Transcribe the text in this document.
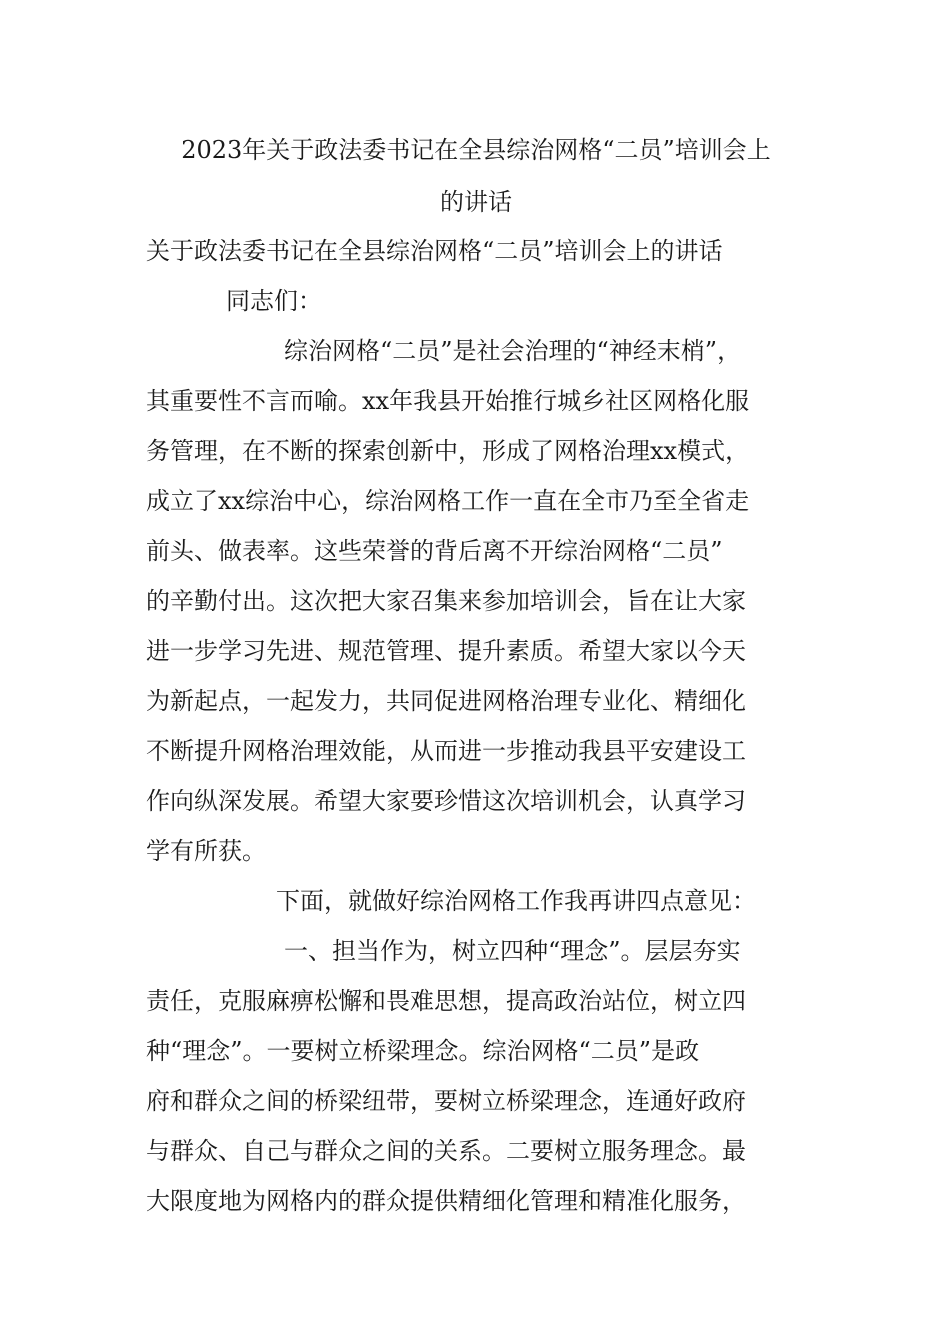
2023年关于政法委书记在全县综治网格“二员”培训会上
的讲话
关于政法委书记在全县综治网格“二员”培训会上的讲话
同志们：
综治网格“二员”是社会治理的“神经末梢”，
其重要性不言而喻。xx年我县开始推行城乡社区网格化服
务管理，在不断的探索创新中，形成了网格治理xx模式，
成立了xx综治中心，综治网格工作一直在全市乃至全省走
前头、做表率。这些荣誉的背后离不开综治网格“二员”
的辛勤付出。这次把大家召集来参加培训会，旨在让大家
进一步学习先进、规范管理、提升素质。希望大家以今天
为新起点，一起发力，共同促进网格治理专业化、精细化
不断提升网格治理效能，从而进一步推动我县平安建设工
作向纵深发展。希望大家要珍惜这次培训机会，认真学习
学有所获。
下面，就做好综治网格工作我再讲四点意见：
一、担当作为，树立四种“理念”。层层夯实
责任，克服麻痹松懈和畏难思想，提高政治站位，树立四
种“理念”。一要树立桥梁理念。综治网格“二员”是政
府和群众之间的桥梁纽带，要树立桥梁理念，连通好政府
与群众、自己与群众之间的关系。二要树立服务理念。最
大限度地为网格内的群众提供精细化管理和精准化服务，
